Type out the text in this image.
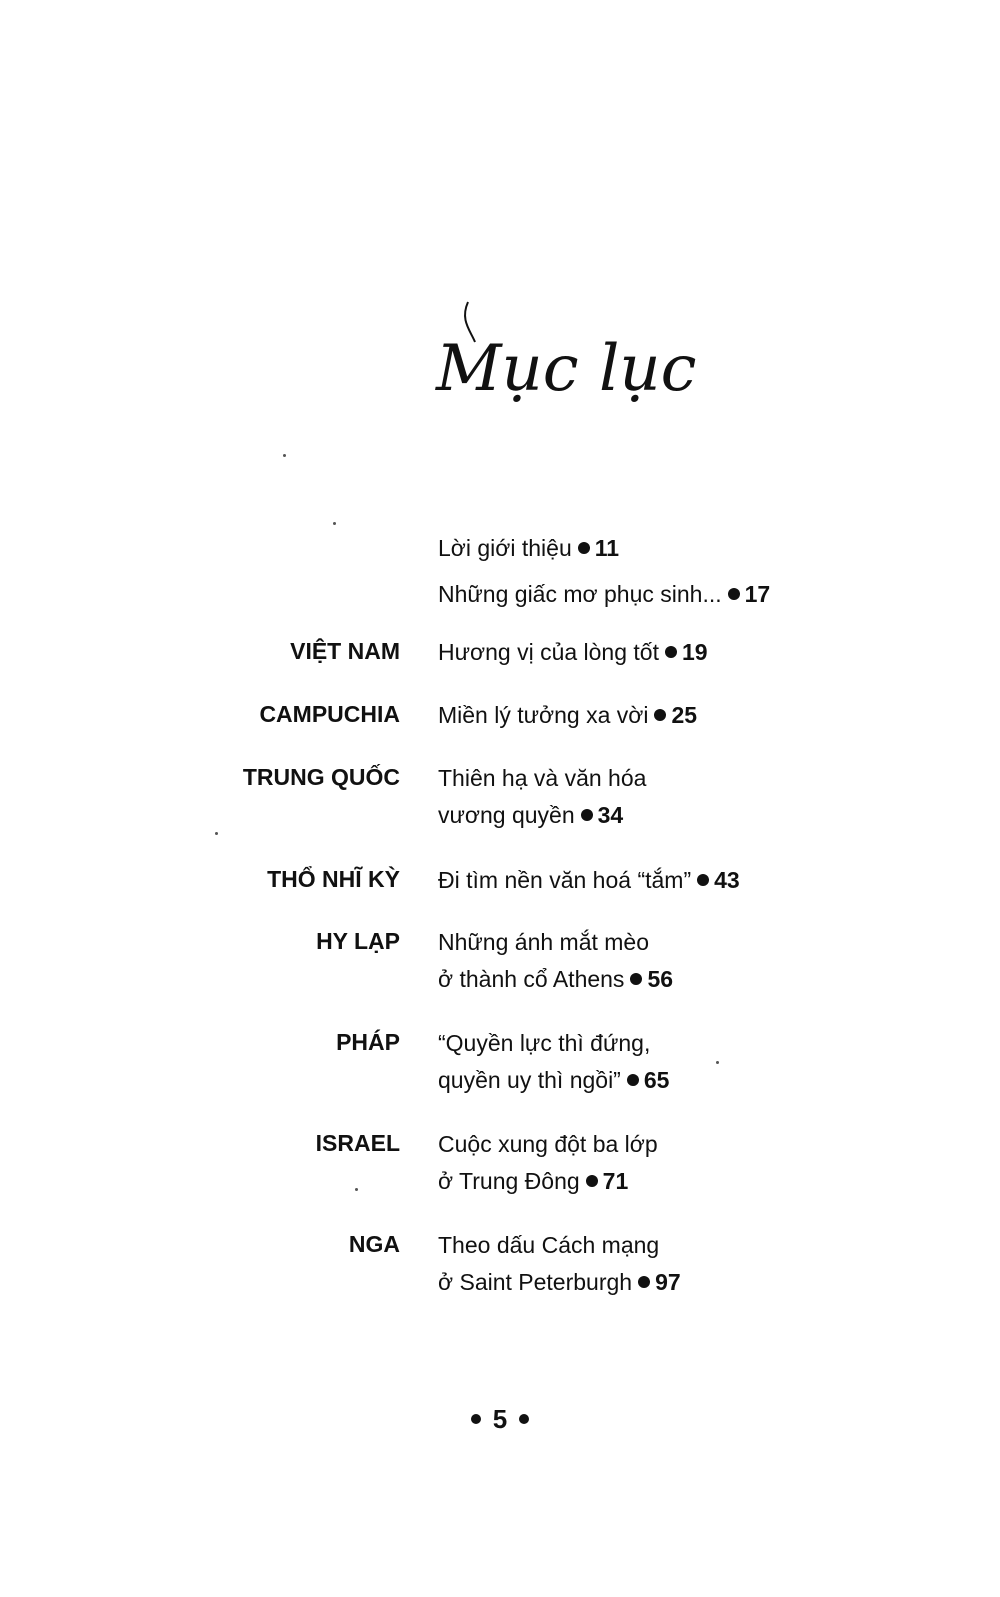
Mục lục
Lời giới thiệu 11
Những giấc mơ phục sinh... 17
VIỆT NAM Hương vị của lòng tốt 19
CAMPUCHIA Miền lý tưởng xa vời 25
TRUNG QUỐC Thiên hạ và văn hóa
vương quyền 34
THỔ NHĨ KỲ Đi tìm nền văn hoá “tắm” 43
HY LẠP Những ánh mắt mèo
ở thành cổ Athens 56
PHÁP “Quyền lực thì đứng,
quyền uy thì ngồi” 65
ISRAEL Cuộc xung đột ba lớp
ở Trung Đông 71
NGA Theo dấu Cách mạng
ở Saint Peterburgh 97
5
